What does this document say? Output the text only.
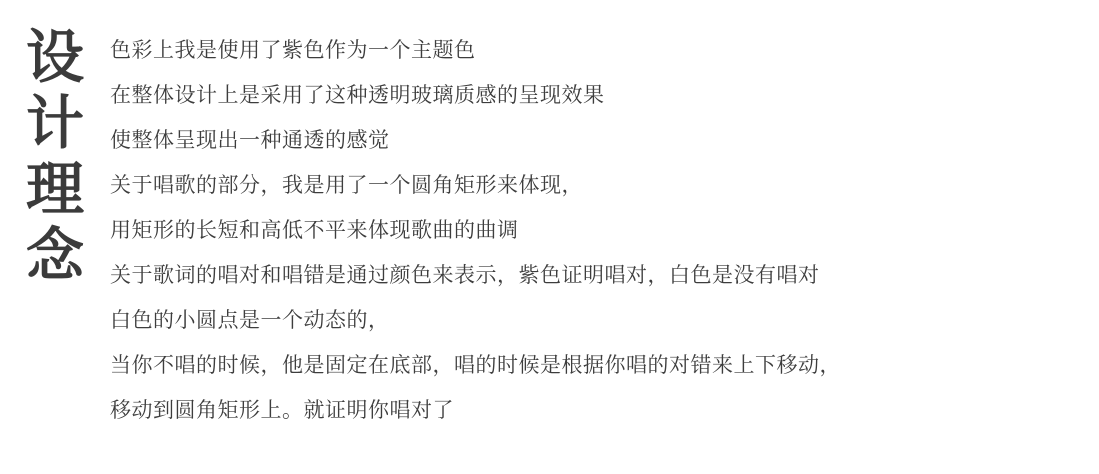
设
计
理
念
色彩上我是使用了紫色作为一个主题色
在整体设计上是采用了这种透明玻璃质感的呈现效果
使整体呈现出一种通透的感觉
关于唱歌的部分，我是用了一个圆角矩形来体现，
用矩形的长短和高低不平来体现歌曲的曲调
关于歌词的唱对和唱错是通过颜色来表示，紫色证明唱对，白色是没有唱对
白色的小圆点是一个动态的，
当你不唱的时候，他是固定在底部，唱的时候是根据你唱的对错来上下移动，
移动到圆角矩形上。就证明你唱对了
